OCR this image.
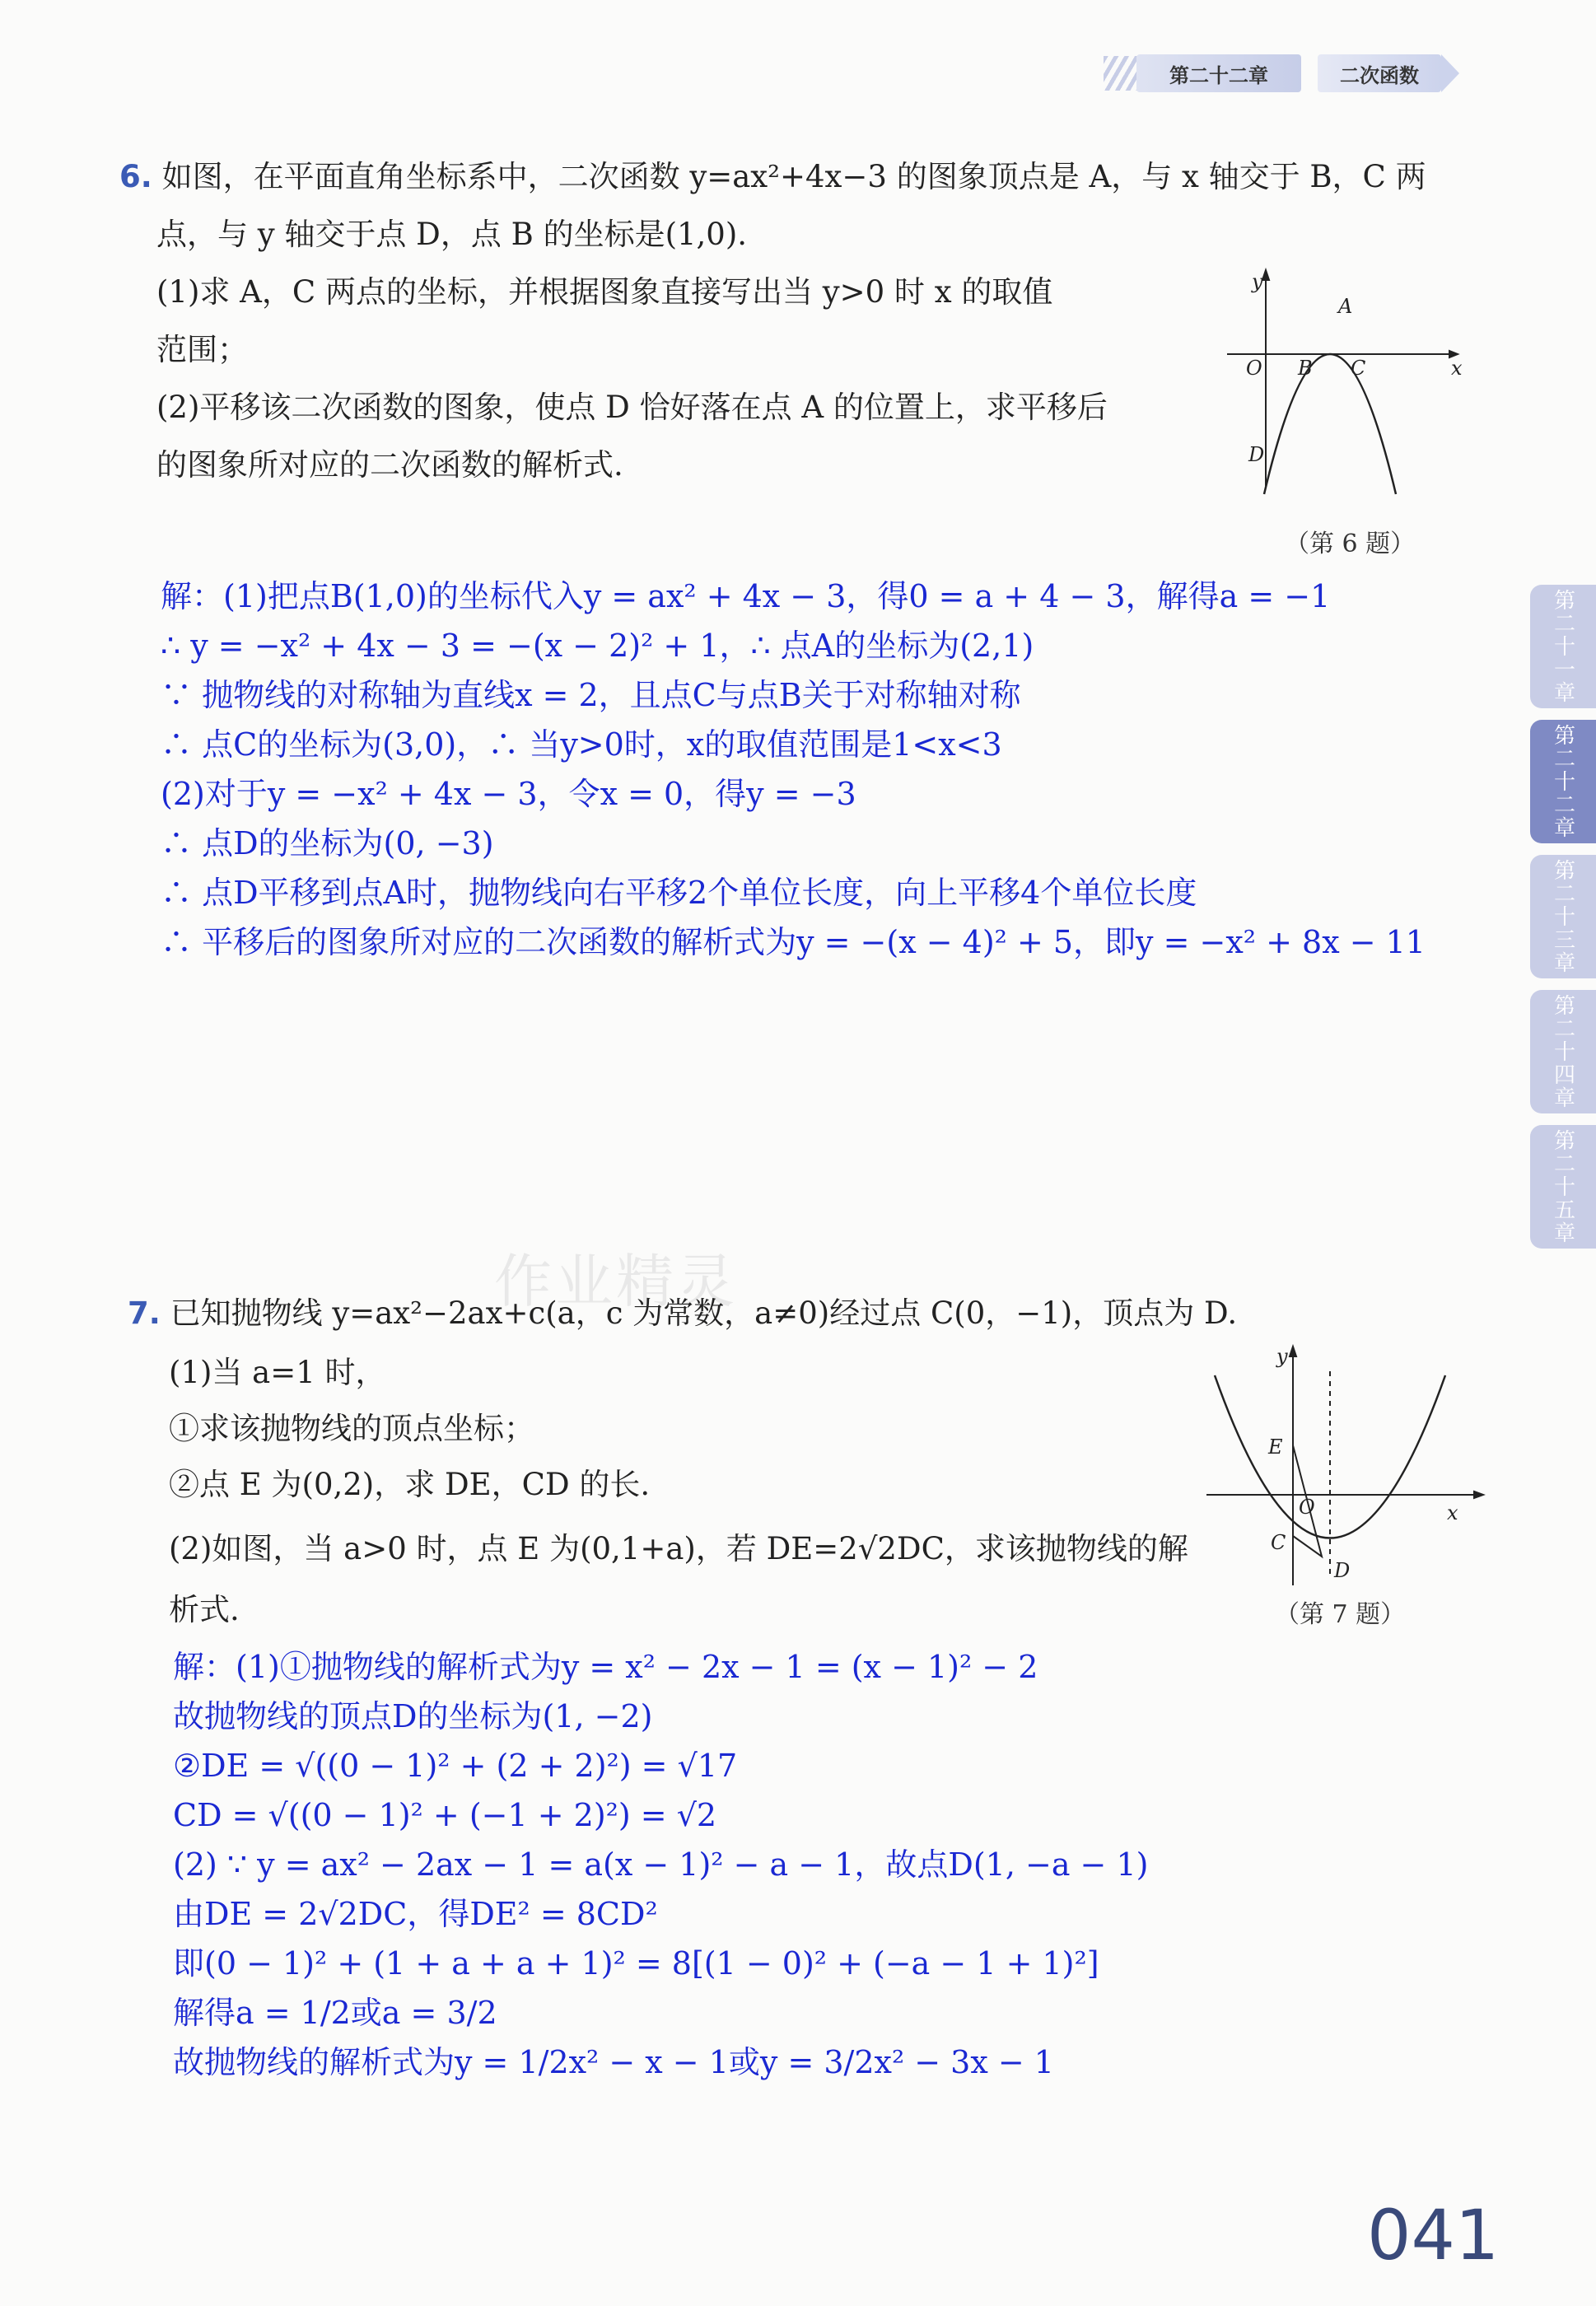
第二十二章	二次函数
第二十一章
第二十二章
第二十三章
第二十四章
第二十五章
作业精灵
6. 如图，在平面直角坐标系中，二次函数 y=ax²+4x−3 的图象顶点是 A，与 x 轴交于 B，C 两
点，与 y 轴交于点 D，点 B 的坐标是(1,0).
(1)求 A，C 两点的坐标，并根据图象直接写出当 y>0 时 x 的取值
范围；
(2)平移该二次函数的图象，使点 D 恰好落在点 A 的位置上，求平移后
的图象所对应的二次函数的解析式.
y
x
O
A
B C
D
（第 6 题）
解：(1)把点B(1,0)的坐标代入y = ax² + 4x − 3，得0 = a + 4 − 3，解得a = −1
∴ y = −x² + 4x − 3 = −(x − 2)² + 1，∴ 点A的坐标为(2,1)
∵ 抛物线的对称轴为直线x = 2，且点C与点B关于对称轴对称
∴ 点C的坐标为(3,0)，∴ 当y>0时，x的取值范围是1<x<3
(2)对于y = −x² + 4x − 3，令x = 0，得y = −3
∴ 点D的坐标为(0, −3)
∴ 点D平移到点A时，抛物线向右平移2个单位长度，向上平移4个单位长度
∴ 平移后的图象所对应的二次函数的解析式为y = −(x − 4)² + 5，即y = −x² + 8x − 11
7. 已知抛物线 y=ax²−2ax+c(a，c 为常数，a≠0)经过点 C(0，−1)，顶点为 D.
(1)当 a=1 时，
①求该抛物线的顶点坐标；
②点 E 为(0,2)，求 DE，CD 的长.
(2)如图，当 a>0 时，点 E 为(0,1+a)，若 DE=2√2DC，求该抛物线的解
析式.
y
x
O
E
C
D
（第 7 题）
解：(1)①抛物线的解析式为y = x² − 2x − 1 = (x − 1)² − 2
故抛物线的顶点D的坐标为(1, −2)
②DE = √((0 − 1)² + (2 + 2)²) = √17
CD = √((0 − 1)² + (−1 + 2)²) = √2
(2) ∵ y = ax² − 2ax − 1 = a(x − 1)² − a − 1，故点D(1, −a − 1)
由DE = 2√2DC，得DE² = 8CD²
即(0 − 1)² + (1 + a + a + 1)² = 8[(1 − 0)² + (−a − 1 + 1)²]
解得a = 1/2或a = 3/2
故抛物线的解析式为y = 1/2x² − x − 1或y = 3/2x² − 3x − 1
041
